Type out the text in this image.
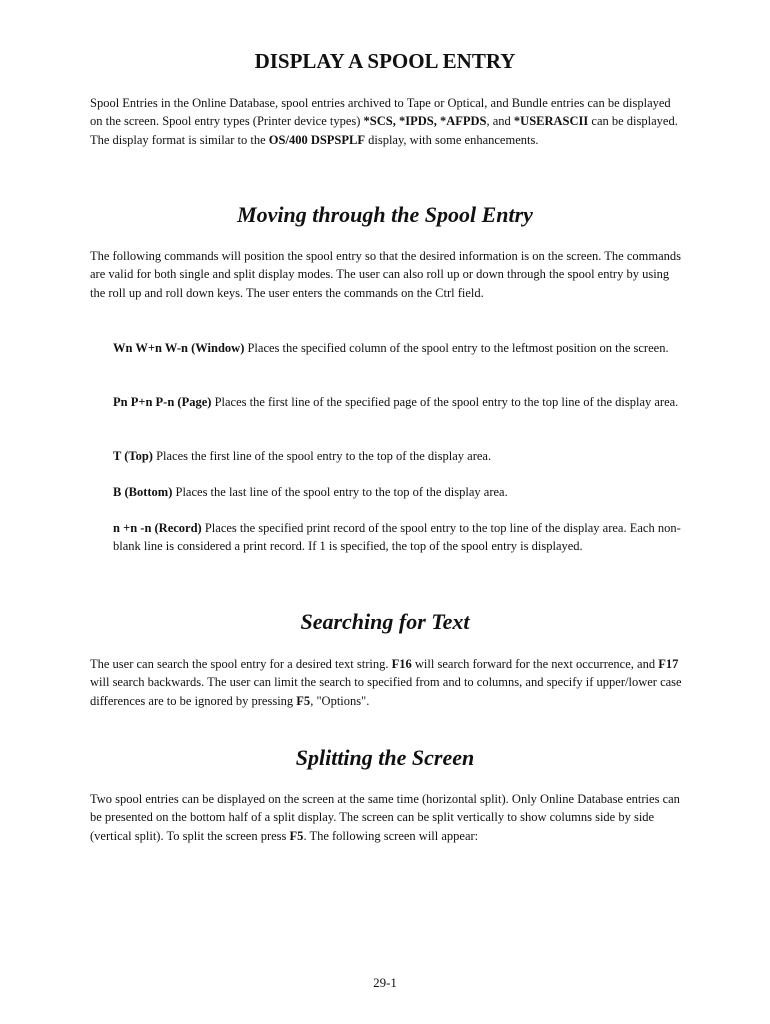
DISPLAY A SPOOL ENTRY

Spool Entries in the Online Database, spool entries archived to Tape or Optical, and Bundle entries can be displayed on the screen. Spool entry types (Printer device types) *SCS, *IPDS, *AFPDS, and *USERASCII can be displayed. The display format is similar to the OS/400 DSPSPLF display, with some enhancements.

Moving through the Spool Entry

The following commands will position the spool entry so that the desired information is on the screen. The commands are valid for both single and split display modes. The user can also roll up or down through the spool entry by using the roll up and roll down keys. The user enters the commands on the Ctrl field.

Wn W+n W-n (Window) Places the specified column of the spool entry to the leftmost position on the screen.

Pn P+n P-n (Page) Places the first line of the specified page of the spool entry to the top line of the display area.

T (Top) Places the first line of the spool entry to the top of the display area.

B (Bottom) Places the last line of the spool entry to the top of the display area.

n +n -n (Record) Places the specified print record of the spool entry to the top line of the display area. Each non-blank line is considered a print record. If 1 is specified, the top of the spool entry is displayed.

Searching for Text

The user can search the spool entry for a desired text string. F16 will search forward for the next occurrence, and F17 will search backwards. The user can limit the search to specified from and to columns, and specify if upper/lower case differences are to be ignored by pressing F5, "Options".

Splitting the Screen

Two spool entries can be displayed on the screen at the same time (horizontal split). Only Online Database entries can be presented on the bottom half of a split display. The screen can be split vertically to show columns side by side (vertical split). To split the screen press F5. The following screen will appear:

29-1
